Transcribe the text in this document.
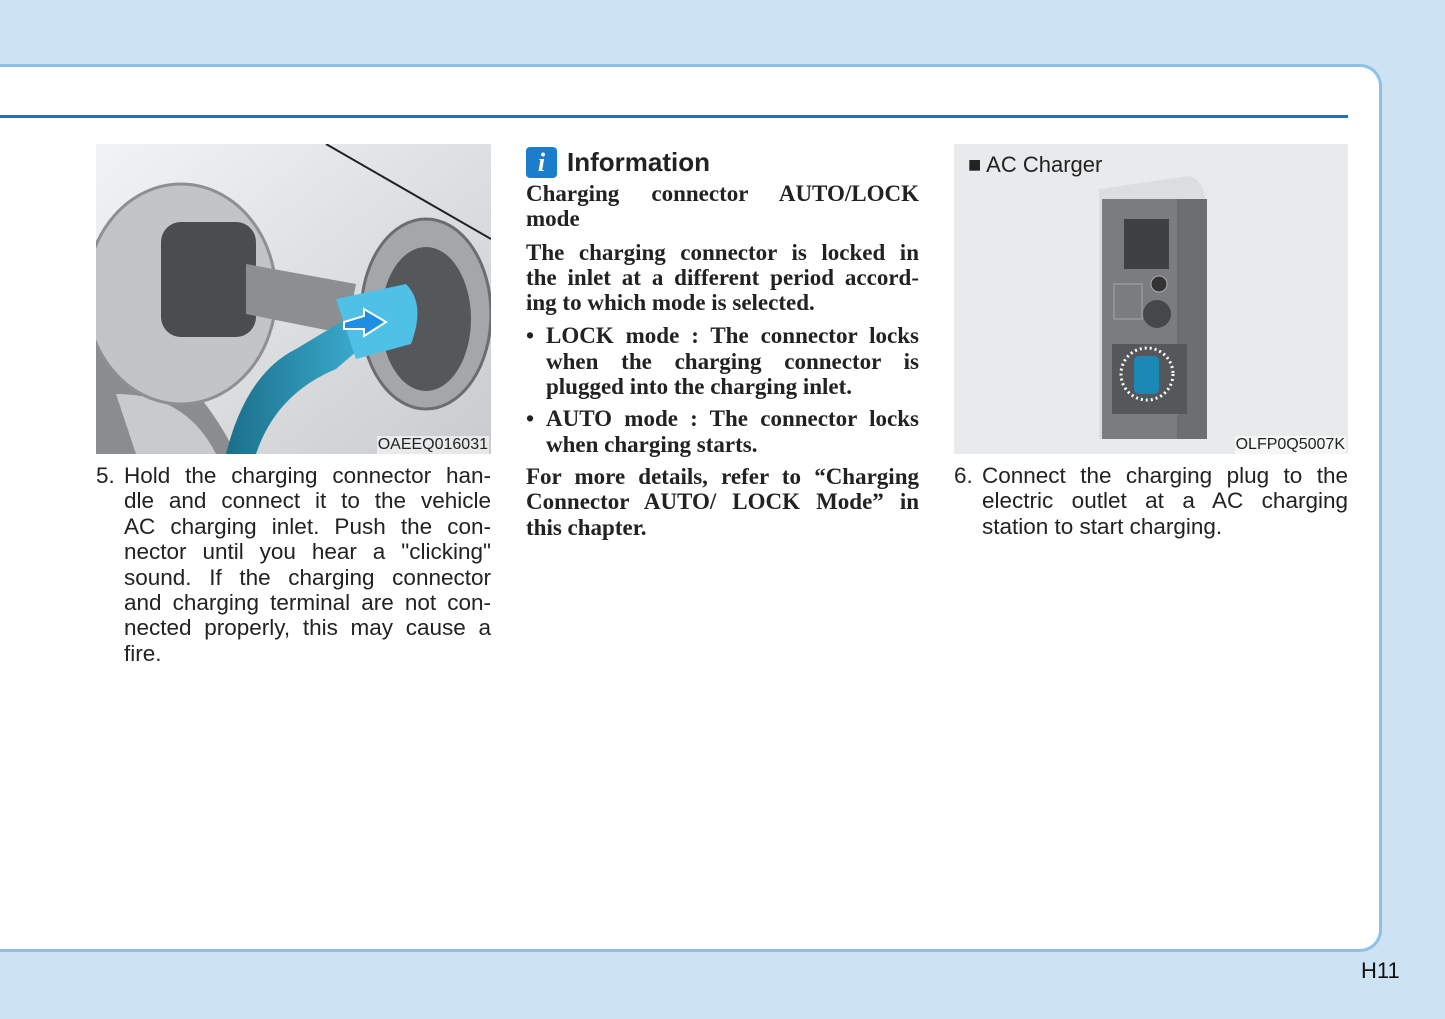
OAEEQ016031
5. Hold the charging connector han-
dle and connect it to the vehicle
AC charging inlet. Push the con-
nector until you hear a "clicking"
sound. If the charging connector
and charging terminal are not con-
nected properly, this may cause a
fire.
i Information
Charging connector AUTO/LOCK
mode
The charging connector is locked in
the inlet at a different period accord-
ing to which mode is selected.
• LOCK mode : The connector locks
when the charging connector is
plugged into the charging inlet.
• AUTO mode : The connector locks
when charging starts.
For more details, refer to “Charging
Connector AUTO/ LOCK Mode” in
this chapter.
■ AC Charger
OLFP0Q5007K
6. Connect the charging plug to the
electric outlet at a AC charging
station to start charging.
H11
